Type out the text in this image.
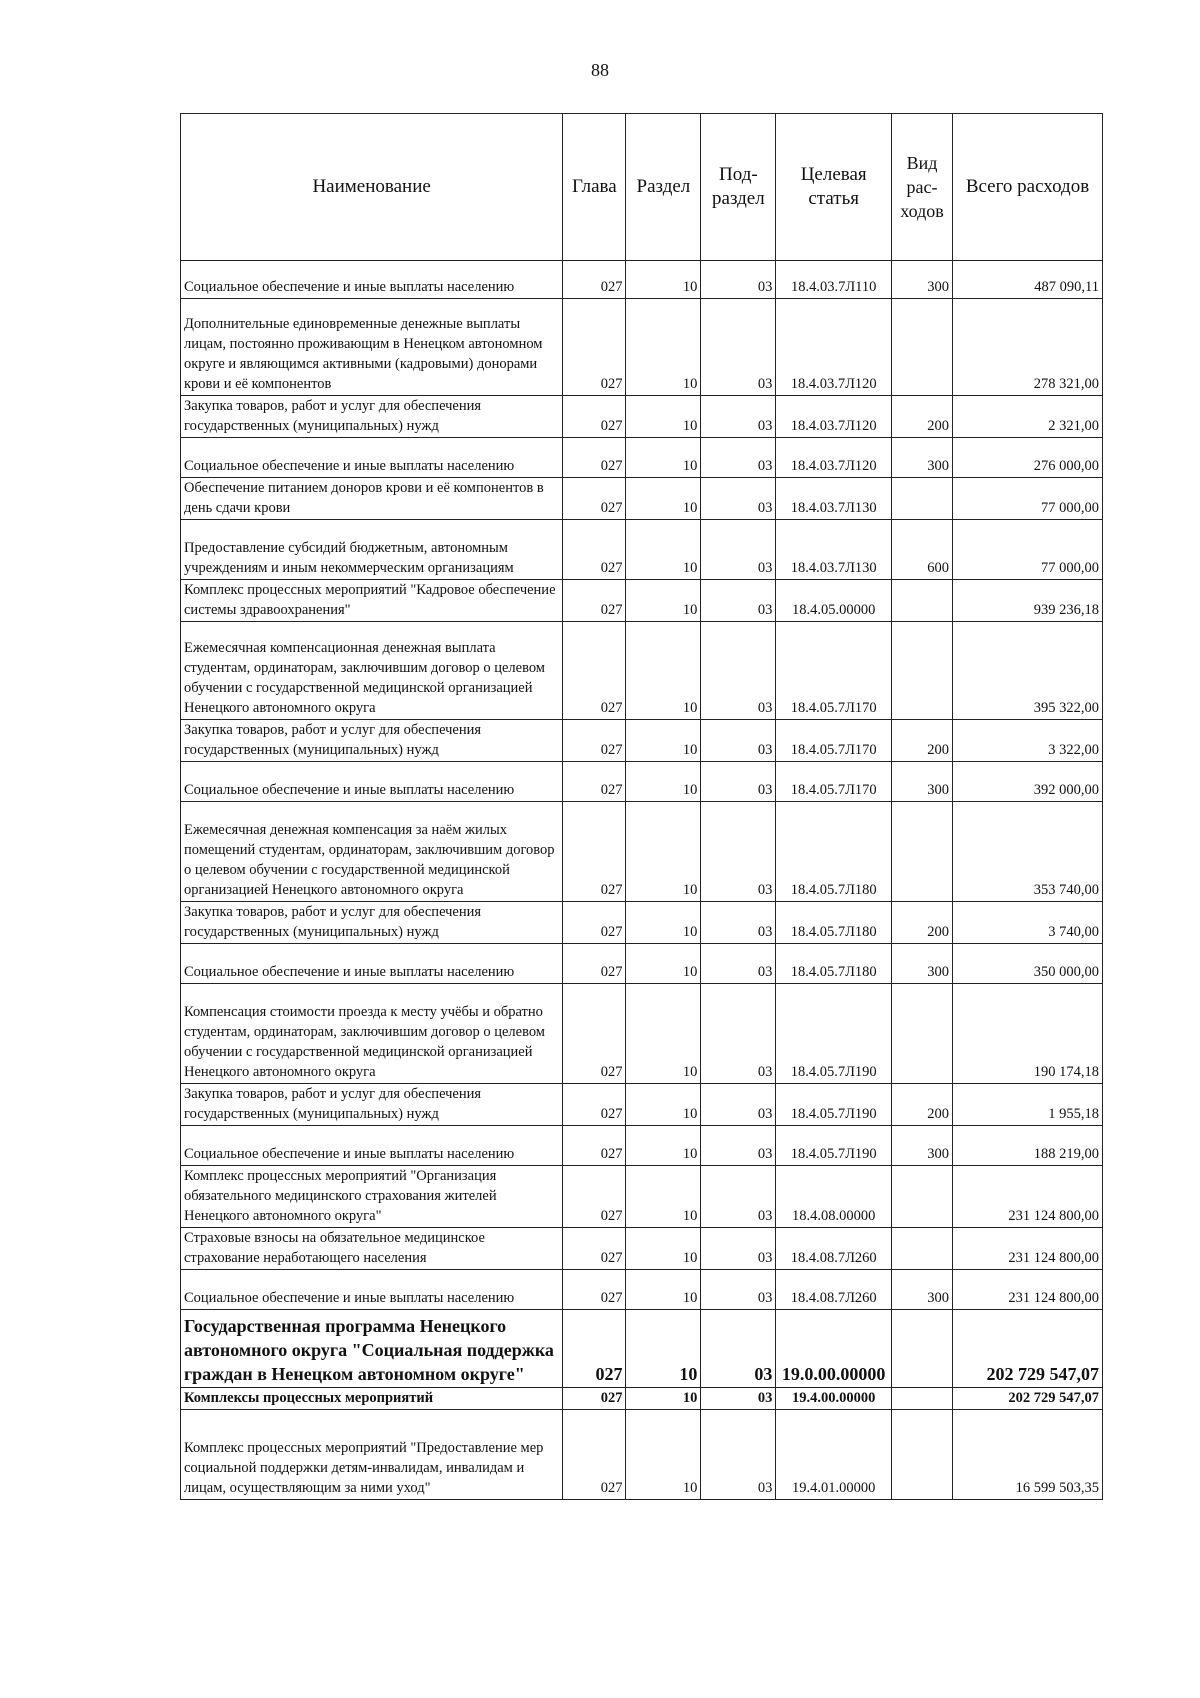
88
Наименование	Глава	Раздел	Под-раздел	Целевая статья	Вид рас-ходов	Всего расходов
Социальное обеспечение и иные выплаты населению	027	10	03	18.4.03.7Л110	300	487 090,11
Дополнительные единовременные денежные выплаты лицам, постоянно проживающим в Ненецком автономном округе и являющимся активными (кадровыми) донорами крови и её компонентов	027	10	03	18.4.03.7Л120		278 321,00
Закупка товаров, работ и услуг для обеспечения государственных (муниципальных) нужд	027	10	03	18.4.03.7Л120	200	2 321,00
Социальное обеспечение и иные выплаты населению	027	10	03	18.4.03.7Л120	300	276 000,00
Обеспечение питанием доноров крови и её компонентов в день сдачи крови	027	10	03	18.4.03.7Л130		77 000,00
Предоставление субсидий бюджетным, автономным учреждениям и иным некоммерческим организациям	027	10	03	18.4.03.7Л130	600	77 000,00
Комплекс процессных мероприятий "Кадровое обеспечение системы здравоохранения"	027	10	03	18.4.05.00000		939 236,18
Ежемесячная компенсационная денежная выплата студентам, ординаторам, заключившим договор о целевом обучении с государственной медицинской организацией Ненецкого автономного округа	027	10	03	18.4.05.7Л170		395 322,00
Закупка товаров, работ и услуг для обеспечения государственных (муниципальных) нужд	027	10	03	18.4.05.7Л170	200	3 322,00
Социальное обеспечение и иные выплаты населению	027	10	03	18.4.05.7Л170	300	392 000,00
Ежемесячная денежная компенсация за наём жилых помещений студентам, ординаторам, заключившим договор о целевом обучении с государственной медицинской организацией Ненецкого автономного округа	027	10	03	18.4.05.7Л180		353 740,00
Закупка товаров, работ и услуг для обеспечения государственных (муниципальных) нужд	027	10	03	18.4.05.7Л180	200	3 740,00
Социальное обеспечение и иные выплаты населению	027	10	03	18.4.05.7Л180	300	350 000,00
Компенсация стоимости проезда к месту учёбы и обратно студентам, ординаторам, заключившим договор о целевом обучении с государственной медицинской организацией Ненецкого автономного округа	027	10	03	18.4.05.7Л190		190 174,18
Закупка товаров, работ и услуг для обеспечения государственных (муниципальных) нужд	027	10	03	18.4.05.7Л190	200	1 955,18
Социальное обеспечение и иные выплаты населению	027	10	03	18.4.05.7Л190	300	188 219,00
Комплекс процессных мероприятий "Организация обязательного медицинского страхования жителей Ненецкого автономного округа"	027	10	03	18.4.08.00000		231 124 800,00
Страховые взносы на обязательное медицинское страхование неработающего населения	027	10	03	18.4.08.7Л260		231 124 800,00
Социальное обеспечение и иные выплаты населению	027	10	03	18.4.08.7Л260	300	231 124 800,00
Государственная программа Ненецкого автономного округа "Социальная поддержка граждан в Ненецком автономном округе"	027	10	03	19.0.00.00000		202 729 547,07
Комплексы процессных мероприятий	027	10	03	19.4.00.00000		202 729 547,07
Комплекс процессных мероприятий "Предоставление мер социальной поддержки детям-инвалидам, инвалидам и лицам, осуществляющим за ними уход"	027	10	03	19.4.01.00000		16 599 503,35
